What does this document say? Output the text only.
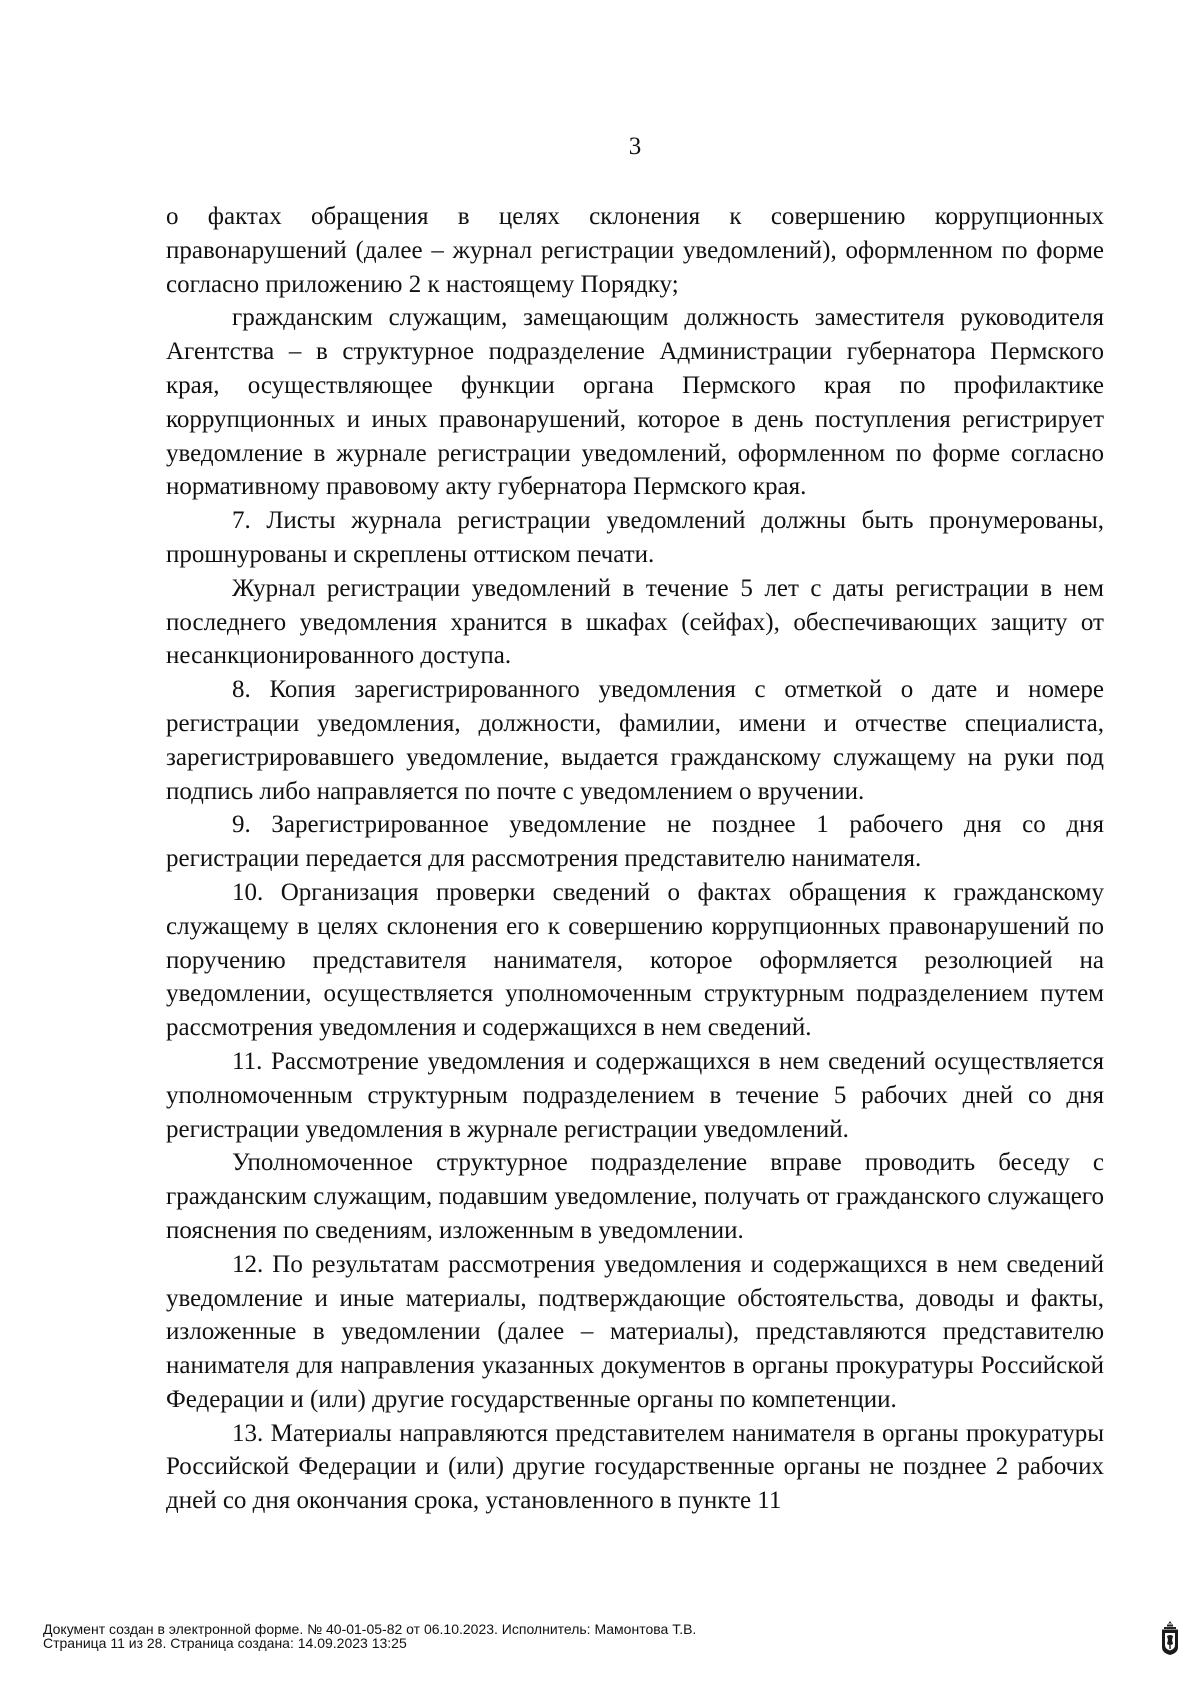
3

о фактах обращения в целях склонения к совершению коррупционных правонарушений (далее – журнал регистрации уведомлений), оформленном по форме согласно приложению 2 к настоящему Порядку;

гражданским служащим, замещающим должность заместителя руководителя Агентства – в структурное подразделение Администрации губернатора Пермского края, осуществляющее функции органа Пермского края по профилактике коррупционных и иных правонарушений, которое в день поступления регистрирует уведомление в журнале регистрации уведомлений, оформленном по форме согласно нормативному правовому акту губернатора Пермского края.

7. Листы журнала регистрации уведомлений должны быть пронумерованы, прошнурованы и скреплены оттиском печати.

Журнал регистрации уведомлений в течение 5 лет с даты регистрации в нем последнего уведомления хранится в шкафах (сейфах), обеспечивающих защиту от несанкционированного доступа.

8. Копия зарегистрированного уведомления с отметкой о дате и номере регистрации уведомления, должности, фамилии, имени и отчестве специалиста, зарегистрировавшего уведомление, выдается гражданскому служащему на руки под подпись либо направляется по почте с уведомлением о вручении.

9. Зарегистрированное уведомление не позднее 1 рабочего дня со дня регистрации передается для рассмотрения представителю нанимателя.

10. Организация проверки сведений о фактах обращения к гражданскому служащему в целях склонения его к совершению коррупционных правонарушений по поручению представителя нанимателя, которое оформляется резолюцией на уведомлении, осуществляется уполномоченным структурным подразделением путем рассмотрения уведомления и содержащихся в нем сведений.

11. Рассмотрение уведомления и содержащихся в нем сведений осуществляется уполномоченным структурным подразделением в течение 5 рабочих дней со дня регистрации уведомления в журнале регистрации уведомлений.

Уполномоченное структурное подразделение вправе проводить беседу с гражданским служащим, подавшим уведомление, получать от гражданского служащего пояснения по сведениям, изложенным в уведомлении.

12. По результатам рассмотрения уведомления и содержащихся в нем сведений уведомление и иные материалы, подтверждающие обстоятельства, доводы и факты, изложенные в уведомлении (далее – материалы), представляются представителю нанимателя для направления указанных документов в органы прокуратуры Российской Федерации и (или) другие государственные органы по компетенции.

13. Материалы направляются представителем нанимателя в органы прокуратуры Российской Федерации и (или) другие государственные органы не позднее 2 рабочих дней со дня окончания срока, установленного в пункте 11

Документ создан в электронной форме. № 40-01-05-82 от 06.10.2023. Исполнитель: Мамонтова Т.В.
Страница 11 из 28. Страница создана: 14.09.2023 13:25
